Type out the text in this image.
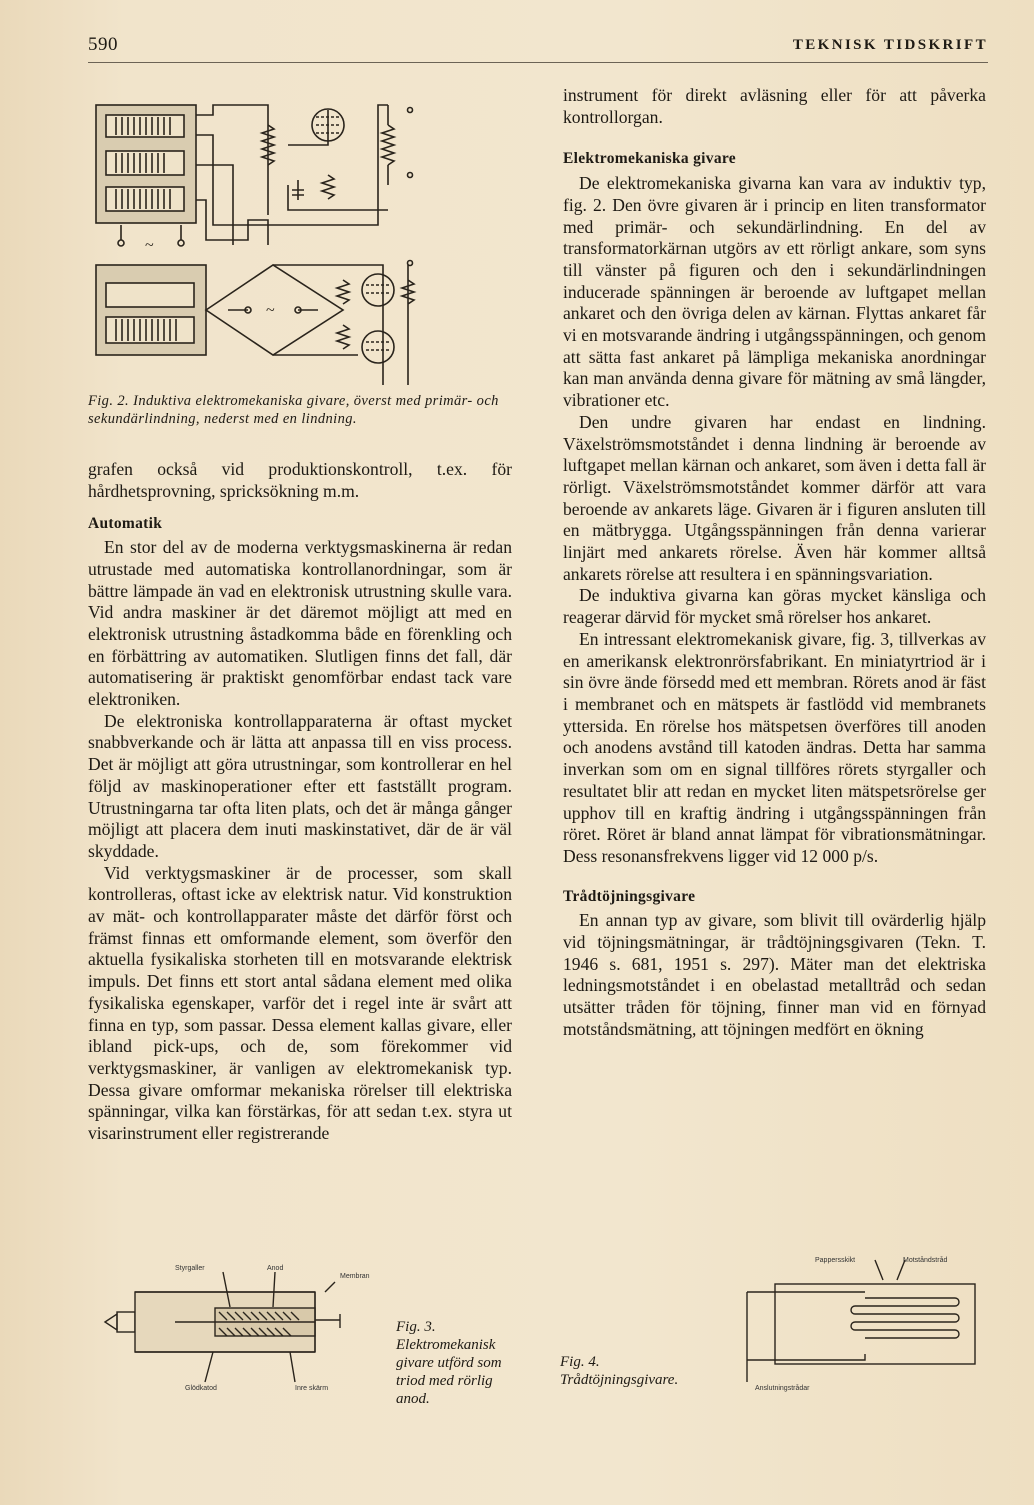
590	TEKNISK TIDSKRIFT
~
~
Fig. 2. Induktiva elektromekaniska givare, överst med primär- och sekundärlindning, nederst med en lindning.

grafen också vid produktionskontroll, t.ex. för hårdhetsprovning, spricksökning m.m.

Automatik

En stor del av de moderna verktygsmaskinerna är redan utrustade med automatiska kontrollanordningar, som är bättre lämpade än vad en elektronisk utrustning skulle vara. Vid andra maskiner är det däremot möjligt att med en elektronisk utrustning åstadkomma både en förenkling och en förbättring av automatiken. Slutligen finns det fall, där automatisering är praktiskt genomförbar endast tack vare elektroniken.

De elektroniska kontrollapparaterna är oftast mycket snabbverkande och är lätta att anpassa till en viss process. Det är möjligt att göra utrustningar, som kontrollerar en hel följd av maskinoperationer efter ett fastställt program. Utrustningarna tar ofta liten plats, och det är många gånger möjligt att placera dem inuti maskinstativet, där de är väl skyddade.

Vid verktygsmaskiner är de processer, som skall kontrolleras, oftast icke av elektrisk natur. Vid konstruktion av mät- och kontrollapparater måste det därför först och främst finnas ett omformande element, som överför den aktuella fysikaliska storheten till en motsvarande elektrisk impuls. Det finns ett stort antal sådana element med olika fysikaliska egenskaper, varför det i regel inte är svårt att finna en typ, som passar. Dessa element kallas givare, eller ibland pick-ups, och de, som förekommer vid verktygsmaskiner, är vanligen av elektromekanisk typ. Dessa givare omformar mekaniska rörelser till elektriska spänningar, vilka kan förstärkas, för att sedan t.ex. styra ut visarinstrument eller registrerande

instrument för direkt avläsning eller för att påverka kontrollorgan.

Elektromekaniska givare

De elektromekaniska givarna kan vara av induktiv typ, fig. 2. Den övre givaren är i princip en liten transformator med primär- och sekundärlindning. En del av transformatorkärnan utgörs av ett rörligt ankare, som syns till vänster på figuren och den i sekundärlindningen inducerade spänningen är beroende av luftgapet mellan ankaret och den övriga delen av kärnan. Flyttas ankaret får vi en motsvarande ändring i utgångsspänningen, och genom att sätta fast ankaret på lämpliga mekaniska anordningar kan man använda denna givare för mätning av små längder, vibrationer etc.

Den undre givaren har endast en lindning. Växelströmsmotståndet i denna lindning är beroende av luftgapet mellan kärnan och ankaret, som även i detta fall är rörligt. Växelströmsmotståndet kommer därför att vara beroende av ankarets läge. Givaren är i figuren ansluten till en mätbrygga. Utgångsspänningen från denna varierar linjärt med ankarets rörelse. Även här kommer alltså ankarets rörelse att resultera i en spänningsvariation.

De induktiva givarna kan göras mycket känsliga och reagerar därvid för mycket små rörelser hos ankaret.

En intressant elektromekanisk givare, fig. 3, tillverkas av en amerikansk elektronrörsfabrikant. En miniatyrtriod är i sin övre ände försedd med ett membran. Rörets anod är fäst i membranet och en mätspets är fastlödd vid membranets yttersida. En rörelse hos mätspetsen överföres till anoden och anodens avstånd till katoden ändras. Detta har samma inverkan som om en signal tillföres rörets styrgaller och resultatet blir att redan en mycket liten mätspetsrörelse ger upphov till en kraftig ändring i utgångsspänningen från röret. Röret är bland annat lämpat för vibrationsmätningar. Dess resonansfrekvens ligger vid 12 000 p/s.

Trådtöjningsgivare

En annan typ av givare, som blivit till ovärderlig hjälp vid töjningsmätningar, är trådtöjningsgivaren (Tekn. T. 1946 s. 681, 1951 s. 297). Mäter man det elektriska ledningsmotståndet i en obelastad metalltråd och sedan utsätter tråden för töjning, finner man vid en förnyad motståndsmätning, att töjningen medfört en ökning

Styrgaller	Anod
Membran
Glödkatod	Inre skärm
Fig. 3. Elektromekanisk givare utförd som triod med rörlig anod.
Pappersskikt	Motståndstråd
Anslutningstrådar
Fig. 4. Trådtöjningsgivare.
